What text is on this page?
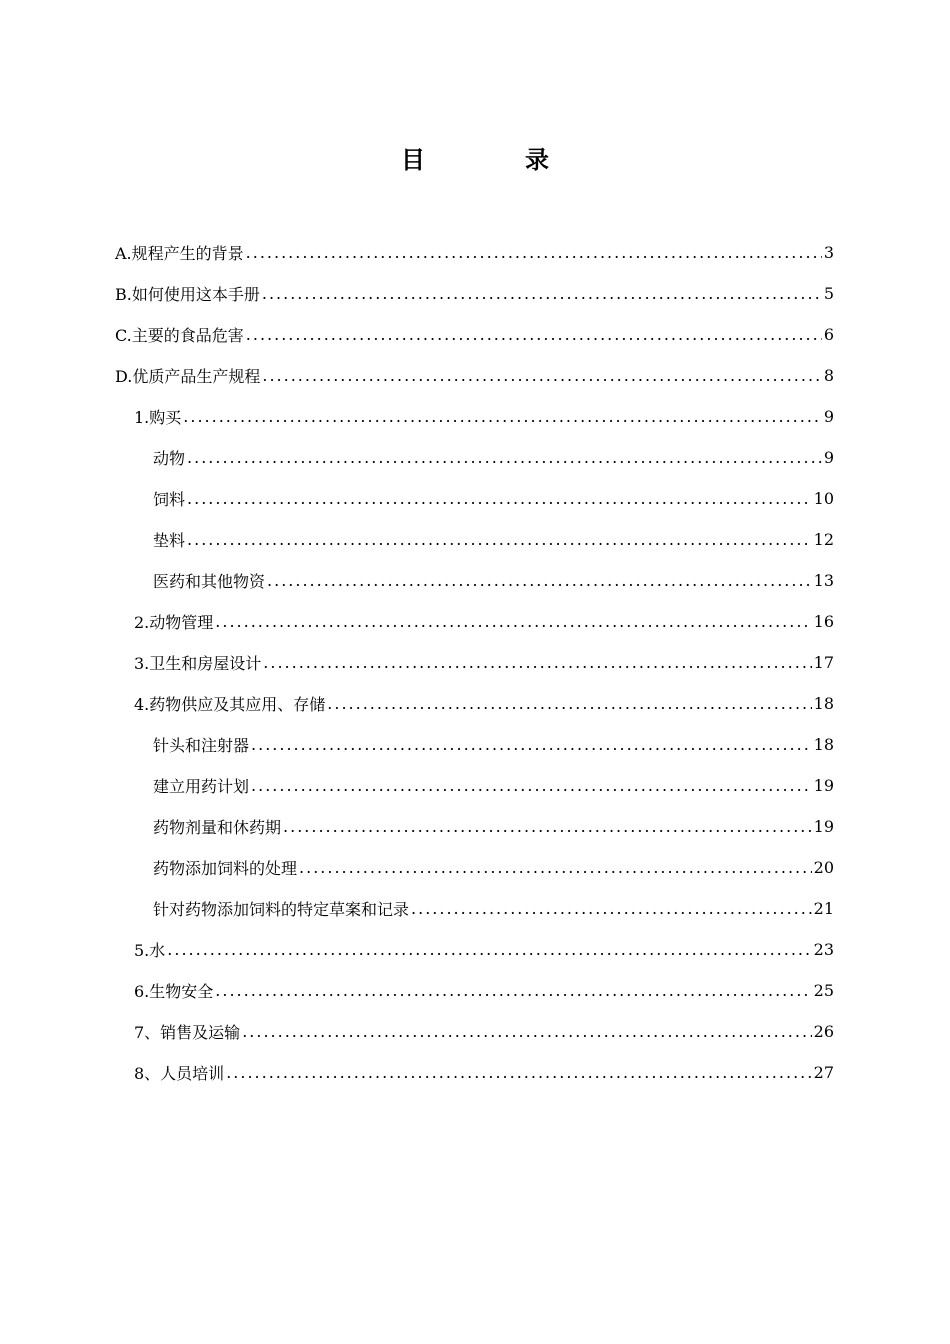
目	录
A.规程产生的背景 .....	3
B.如何使用这本手册 .....	5
C.主要的食品危害 .....	6
D.优质产品生产规程 .....	8
1.购买 .....	9
动物 .....	9
饲料 .....	10
垫料 .....	12
医药和其他物资 .....	13
2.动物管理 .....	16
3.卫生和房屋设计 .....	17
4.药物供应及其应用、存储 .....	18
针头和注射器 .....	18
建立用药计划 .....	19
药物剂量和休药期 .....	19
药物添加饲料的处理 .....	20
针对药物添加饲料的特定草案和记录 .....	21
5.水 .....	23
6.生物安全 .....	25
7、销售及运输 .....	26
8、人员培训 .....	27
